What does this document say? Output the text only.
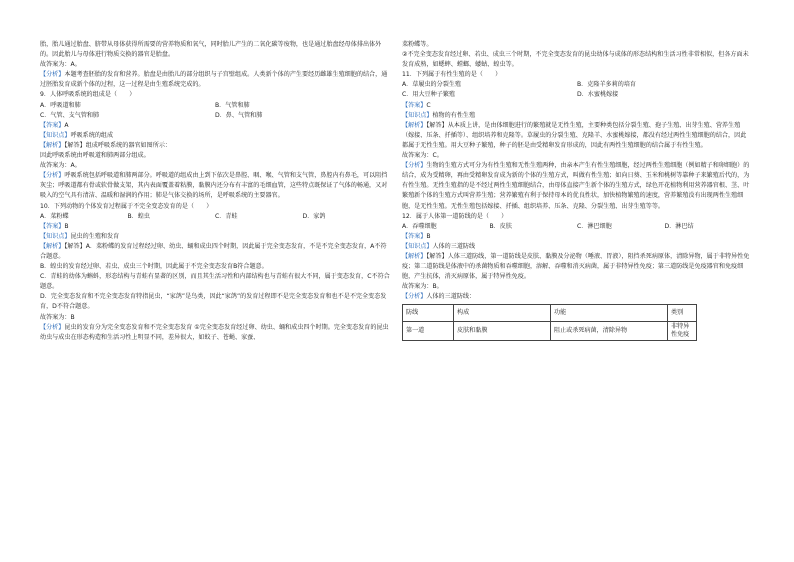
胎，胎儿通过胎盘、脐带从母体获得所需要的营养物质和氧气，同时胎儿产生的二氧化碳等废物，也是通过胎盘经母体排出体外的。因此胎儿与母体进行物质交换的器官是胎盘。

故答案为：A。

【分析】本题考查胚胎的发育和营养。胎盘是由胎儿的部分组织与子宫壁组成。人类新个体的产生要经历雌雄生殖细胞的结合，通过胚胎发育成新个体的过程，这一过程是由生殖系统完成的。

9．人体呼吸系统的组成是（　　）

A．呼吸道和肺	B．气管和肺
C．气管、支气管和肺	D．鼻、气管和肺

【答案】A

【知识点】呼吸系统的组成

【解析】【解答】组成呼吸系统的器官如图所示：

因此呼吸系统由呼吸道和肺两部分组成。

故答案为：A。

【分析】呼吸系统包括呼吸道和肺两部分。呼吸道的组成由上到下依次是鼻腔、咽、喉、气管和支气管，鼻腔内有鼻毛，可以阻挡灰尘；呼吸道都有骨或软骨做支架，其内表面覆盖着粘膜，黏膜内还分布有丰富的毛细血管，这些特点既保证了气体的畅通，又对吸入的空气具有清洁、温暖和湿润的作用；肺是气体交换的场所，是呼吸系统的主要器官。

10．下列动物的个体发育过程属于不完全变态发育的是（　　）

A．菜粉蝶	B．蝗虫	C．青蛙	D．家鸽

【答案】B

【知识点】昆虫的生殖和发育

【解析】【解答】A．菜粉蝶的发育过程经过卵、幼虫、蛹和成虫四个时期，因此属于完全变态发育，不是不完全变态发育，A不符合题意。

B．蝗虫的发育经过卵、若虫、成虫三个时期，因此属于不完全变态发育B符合题意。

C．青蛙的幼体为蝌蚪，形态结构与青蛙有显著的区别，而且其生活习性和内部结构也与青蛙有很大不同，属于变态发育，C不符合题意。

D．完全变态发育和不完全变态发育特指昆虫，“家鸽”是鸟类，因此“家鸽”的发育过程即不是完全变态发育和也不是不完全变态发育，D不符合题意。

故答案为：B

【分析】昆虫的发育分为完全变态发育和不完全变态发育 ①完全变态发育经过卵、幼虫、蛹和成虫四个时期。完全变态发育的昆虫幼虫与成虫在形态构造和生活习性上明显不同，差异很大，如蚊子、苍蝇、家蚕、

菜粉蝶等。

②不完全变态发育经过卵、若虫、成虫三个时期，不完全变态发育的昆虫幼体与成体的形态结构和生活习性非常相似，但各方面未发育成熟，如蟋蟀、螳螂、蝼蛄、蝗虫等。

11．下列属于有性生殖的是（　　）

A．草履虫的分裂生殖	B．克隆羊多莉的培育
C．用大豆种子繁殖	D．水蜜桃嫁接

【答案】C

【知识点】植物的有性生殖

【解析】【解答】从本质上讲，是由体细胞进行的繁殖就是无性生殖，主要种类包括分裂生殖、孢子生殖、出芽生殖、营养生殖（嫁接、压条、扦插等）、组织培养和克隆等。草履虫的分裂生殖、克隆羊、水蜜桃嫁接，都没有经过两性生殖细胞的结合，因此都属于无性生殖。用大豆种子繁殖，种子的胚是由受精卵发育形成的，因此有两性生殖细胞的结合属于有性生殖。

故答案为：C。

【分析】生物的生殖方式可分为有性生殖和无性生殖两种，由亲本产生有性生殖细胞，经过两性生殖细胞（例如精子和卵细胞）的结合，成为受精卵，再由受精卵发育成为新的个体的生殖方式，叫做有性生殖；如向日葵、玉米和桃树等靠种子来繁殖后代的，为有性生殖。无性生殖指的是不经过两性生殖细胞结合，由母体直接产生新个体的生殖方式，绿色开花植物利用营养器官根、茎、叶繁殖新个体的生殖方式叫营养生殖；营养繁殖有利于保持母本的优良性状，加快植物繁殖的速度，营养繁殖没有出现两性生殖细胞，是无性生殖。无性生殖包括嫁接、扦插、组织培养、压条、克隆、分裂生殖、出芽生殖等等。

12．属于人体第一道防线的是（　　）

A．吞噬细胞	B．皮肤	C．淋巴细胞	D．淋巴结

【答案】B

【知识点】人体的三道防线

【解析】【解答】人体三道防线，第一道防线是皮肤、黏膜及分泌物（唾液、胃液），阻挡杀死病原体，清除异物，属于非特异性免疫；第二道防线是体液中的杀菌物质和吞噬细胞，溶解、吞噬和消灭病菌，属于非特异性免疫；第三道防线是免疫器官和免疫细胞，产生抗体，消灭病原体，属于特异性免疫。

故答案为：B。

【分析】人体的三道防线：

防线	构成	功能	类别
第一道	皮肤和黏膜	阻止或杀死病菌，清除异物	非特异性免疫
